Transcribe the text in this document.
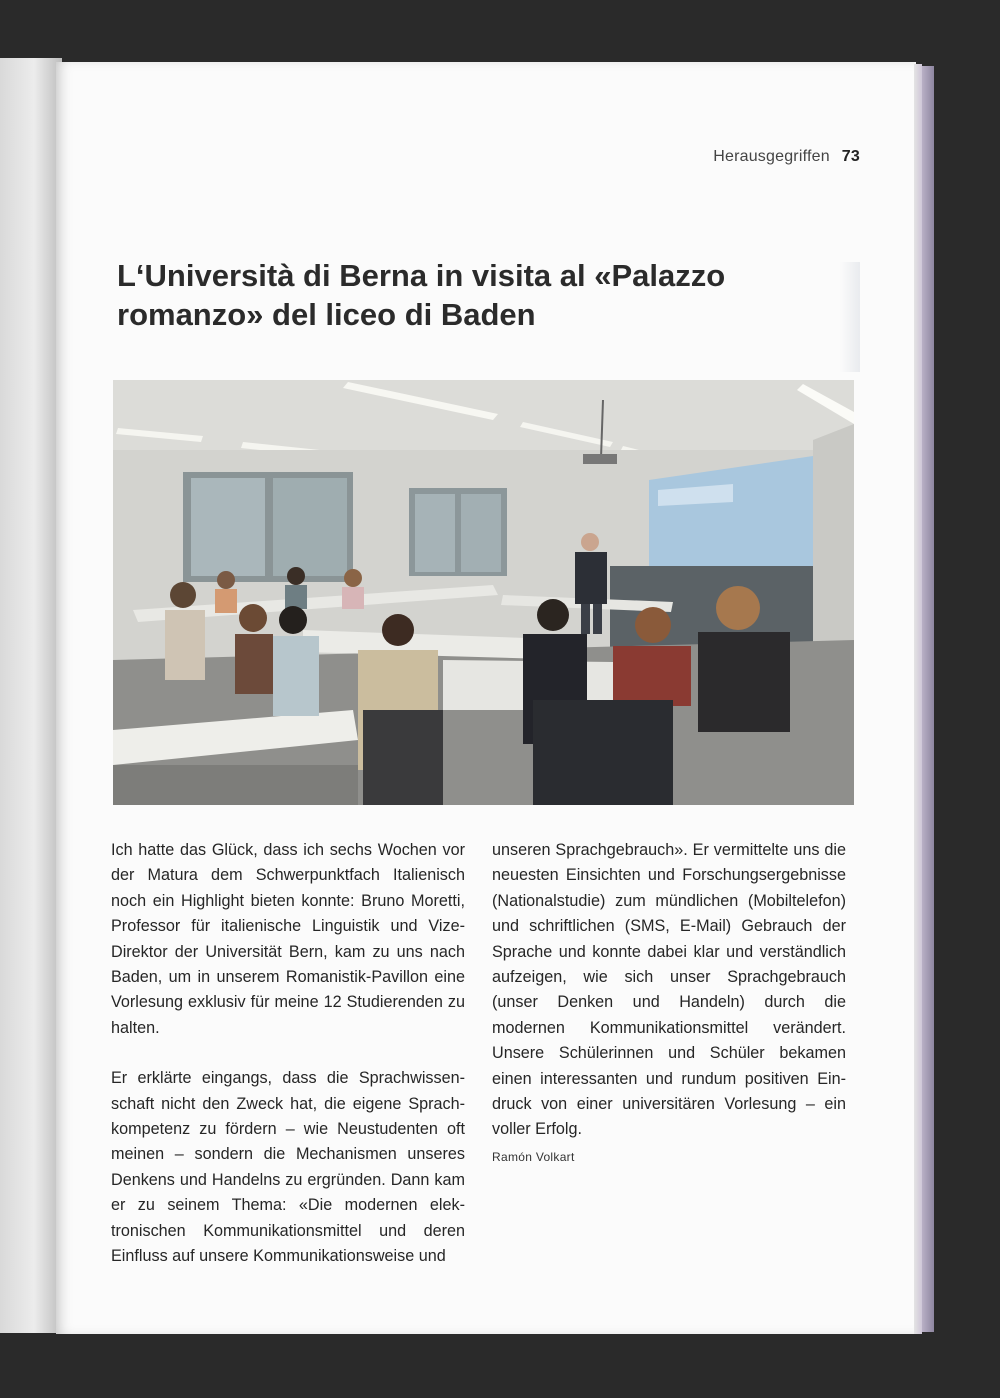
Herausgegriffen 73
L‘Università di Berna in visita al «Palazzo romanzo» del liceo di Baden

Ich hatte das Glück, dass ich sechs Wochen vor der Matura dem Schwerpunktfach Italienisch noch ein Highlight bieten konnte: Bruno Moretti, Professor für italienische Linguistik und Vize-Direktor der Universität Bern, kam zu uns nach Baden, um in unserem Romanistik-Pavillon eine Vorlesung exklusiv für meine 12 Studierenden zu halten.

Er erklärte eingangs, dass die Sprachwissenschaft nicht den Zweck hat, die eigene Sprachkompetenz zu fördern – wie Neustudenten oft meinen – sondern die Mechanismen unseres Denkens und Handelns zu ergründen. Dann kam er zu seinem Thema: «Die modernen elektronischen Kommunikationsmittel und deren Einfluss auf unsere Kommunikationsweise und

unseren Sprachgebrauch». Er vermittelte uns die neuesten Einsichten und Forschungsergebnisse (Nationalstudie) zum mündlichen (Mobiltelefon) und schriftlichen (SMS, E-Mail) Gebrauch der Sprache und konnte dabei klar und verständlich aufzeigen, wie sich unser Sprachgebrauch (unser Denken und Handeln) durch die modernen Kommunikationsmittel verändert. Unsere Schülerinnen und Schüler bekamen einen interessanten und rundum positiven Eindruck von einer universitären Vorlesung – ein voller Erfolg.

Ramón Volkart
